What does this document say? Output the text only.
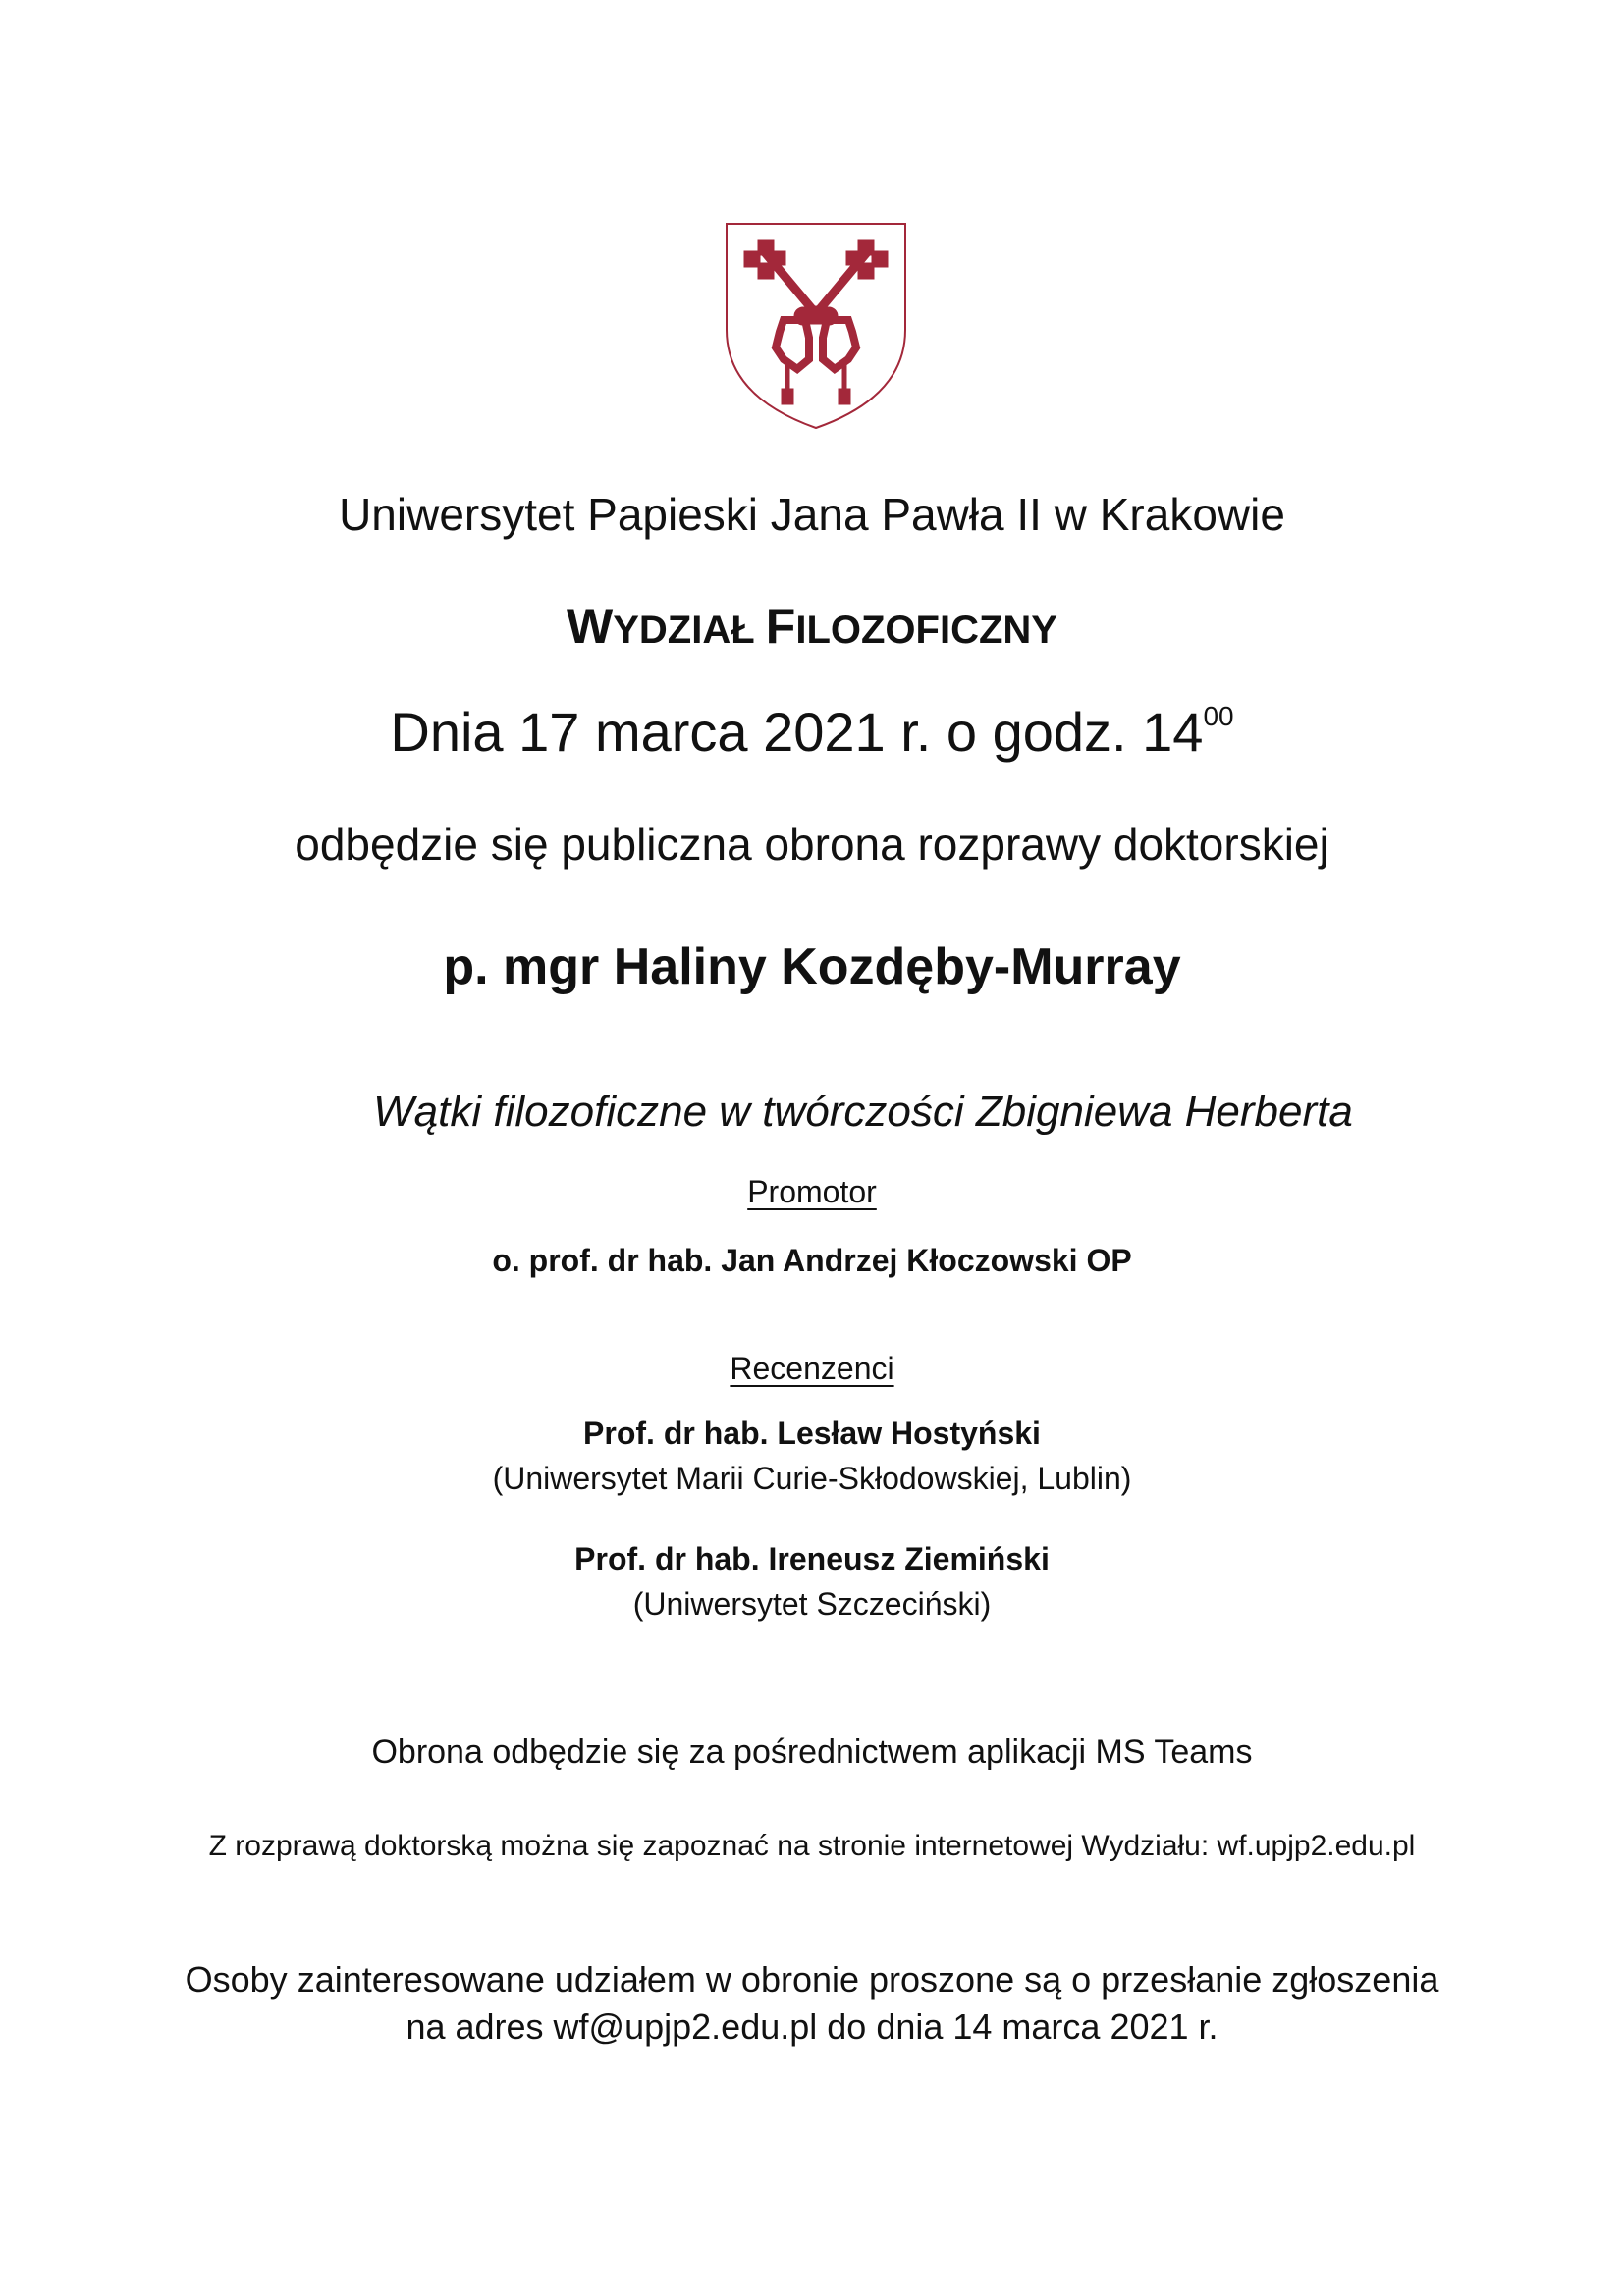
Uniwersytet Papieski Jana Pawła II w Krakowie
WYDZIAŁ FILOZOFICZNY
Dnia 17 marca 2021 r. o godz. $14^{00}$
odbędzie się publiczna obrona rozprawy doktorskiej
p. mgr Haliny Kozdęby-Murray
Wątki filozoficzne w twórczości Zbigniewa Herberta
Promotor
o. prof. dr hab. Jan Andrzej Kłoczowski OP
Recenzenci
Prof. dr hab. Lesław Hostyński
(Uniwersytet Marii Curie-Skłodowskiej, Lublin)
Prof. dr hab. Ireneusz Ziemiński
(Uniwersytet Szczeciński)
Obrona odbędzie się za pośrednictwem aplikacji MS Teams
Z rozprawą doktorską można się zapoznać na stronie internetowej Wydziału: wf.upjp2.edu.pl
Osoby zainteresowane udziałem w obronie proszone są o przesłanie zgłoszenia
na adres wf@upjp2.edu.pl do dnia 14 marca 2021 r.
